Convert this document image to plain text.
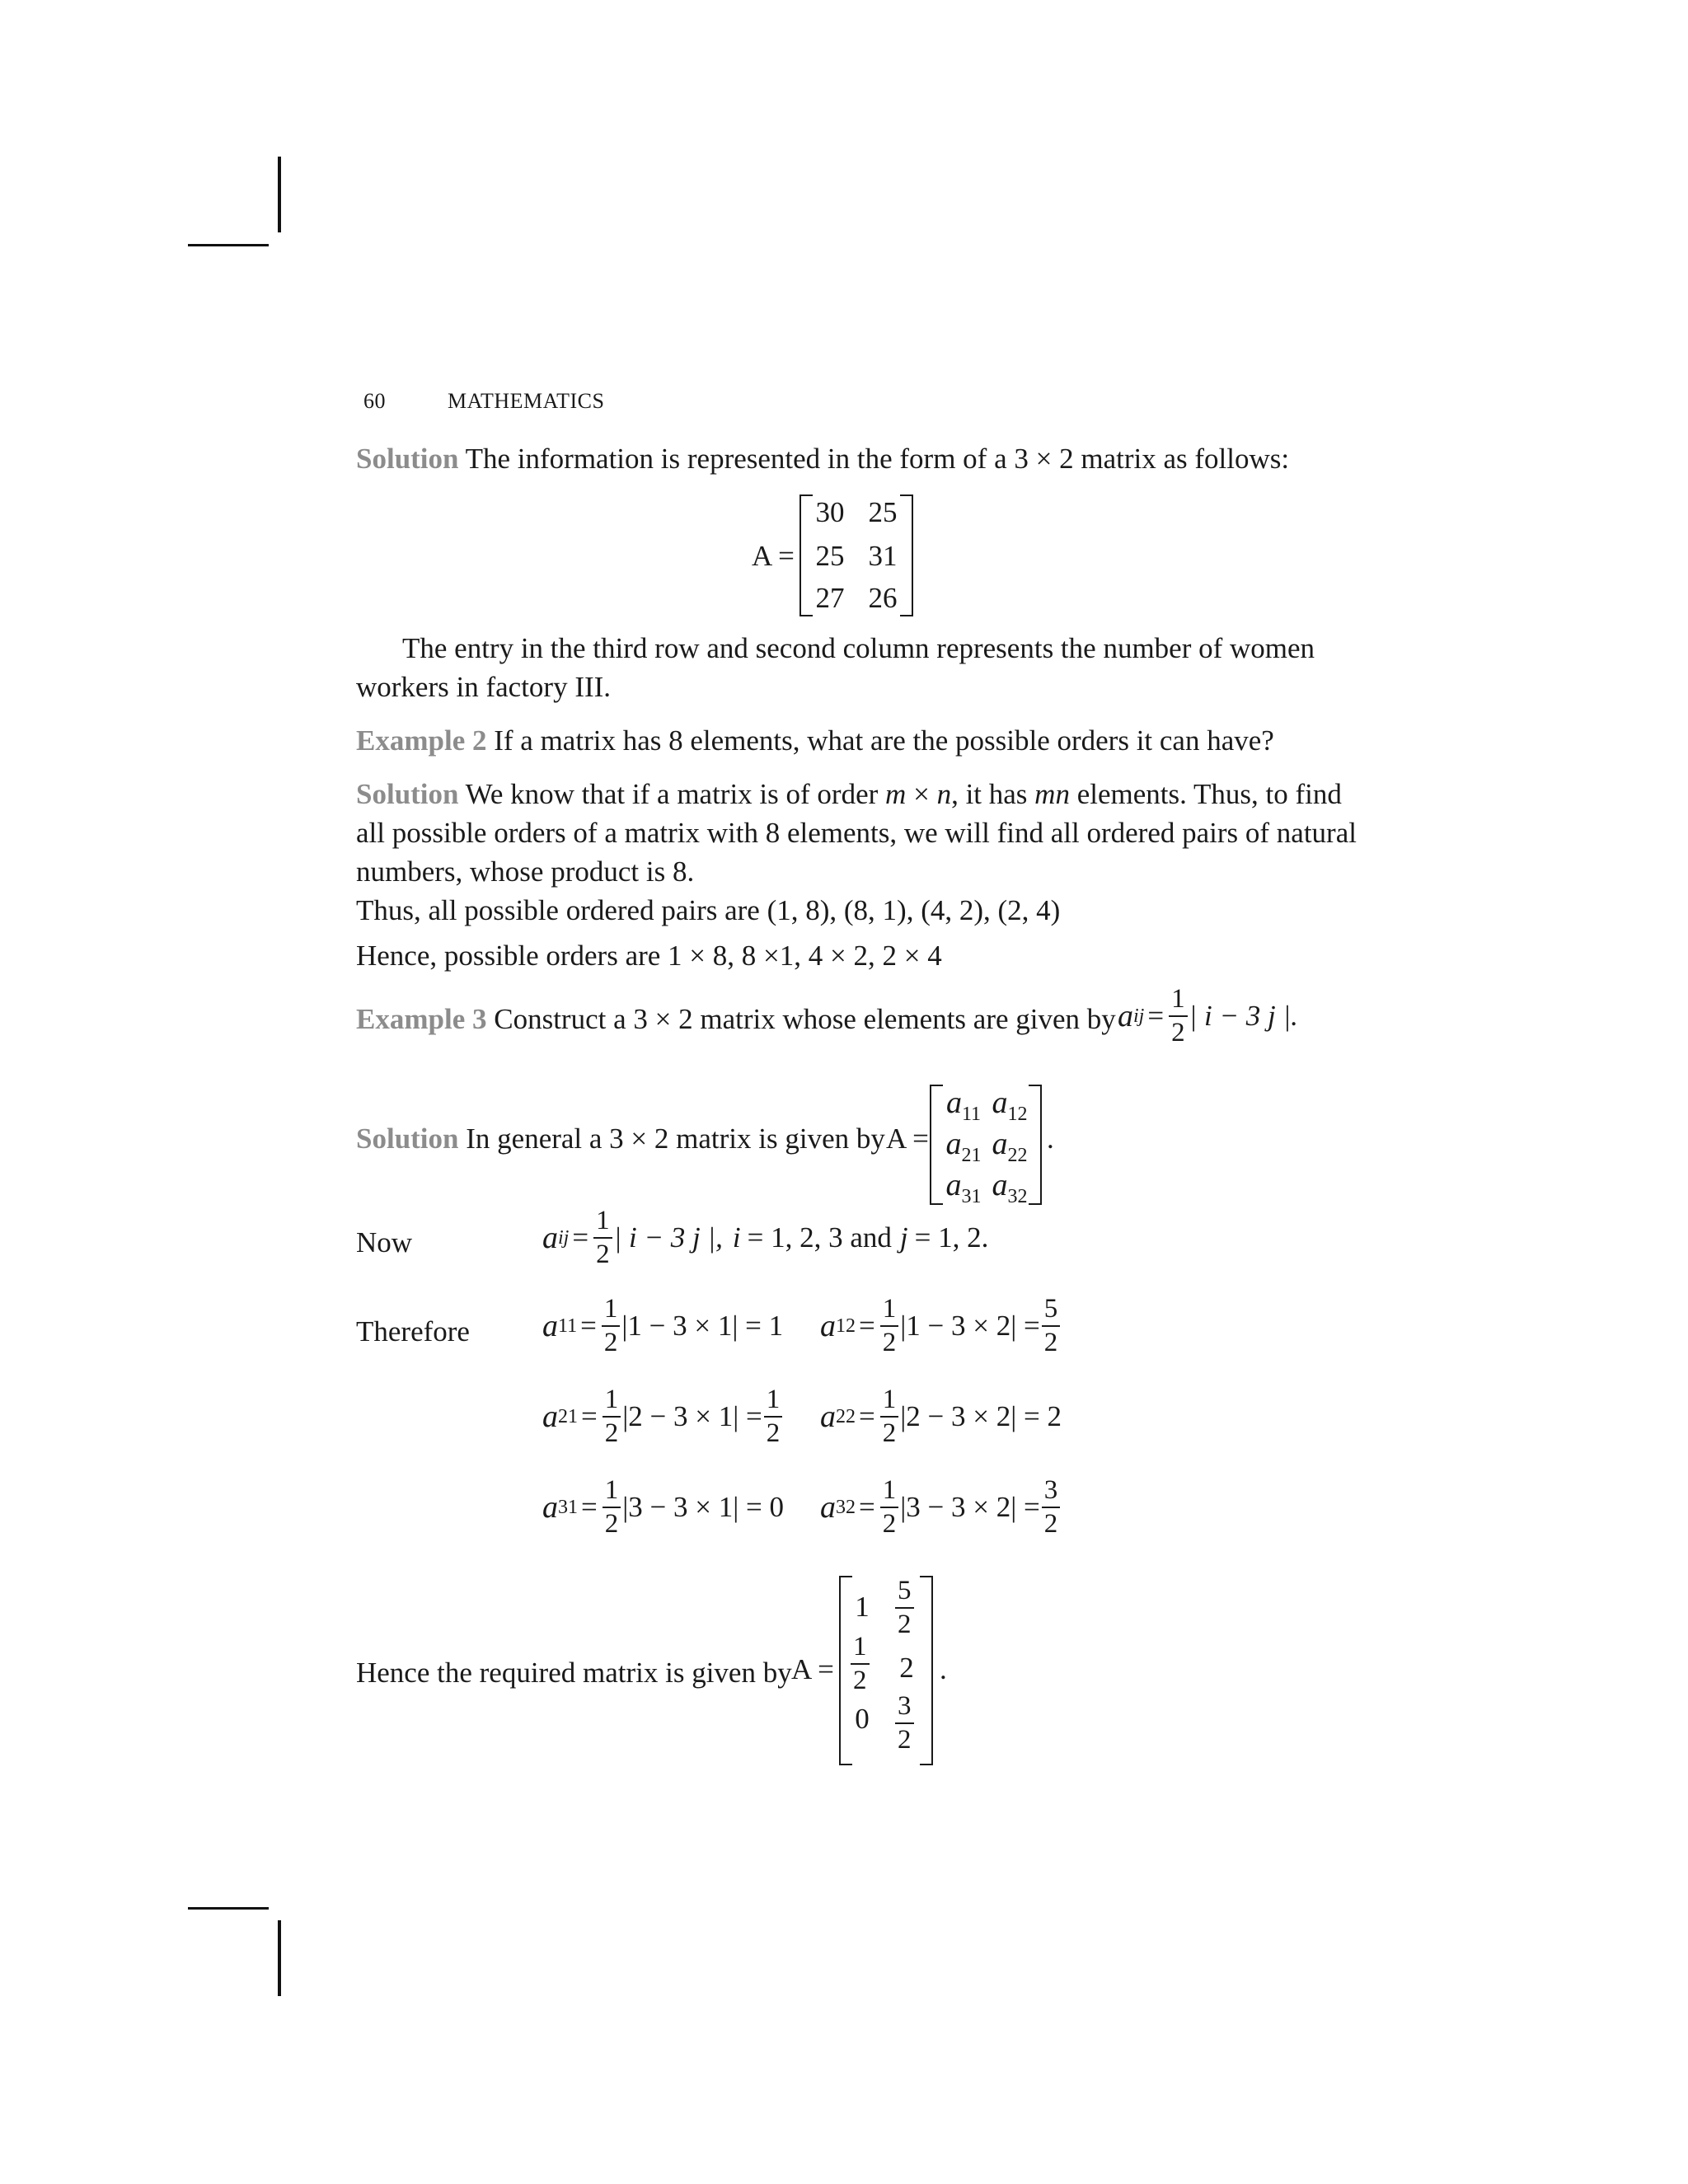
60	MATHEMATICS
Solution The information is represented in the form of a 3 × 2 matrix as follows:
A =
30 25
25 31
27 26
The entry in the third row and second column represents the number of women
workers in factory III.
Example 2 If a matrix has 8 elements, what are the possible orders it can have?
Solution We know that if a matrix is of order m × n, it has mn elements. Thus, to find
all possible orders of a matrix with 8 elements, we will find all ordered pairs of natural
numbers, whose product is 8.
Thus, all possible ordered pairs are (1, 8), (8, 1), (4, 2), (2, 4)
Hence, possible orders are 1 × 8, 8 ×1, 4 × 2, 2 × 4
Example 3 Construct a 3 × 2 matrix whose elements are given by a ij = $\frac{1}{2}$ | i − 3 j |.
Solution In general a 3 × 2 matrix is given by A =
$a_{11}$ $a_{12}$
$a_{21}$ $a_{22}$
$a_{31}$ $a_{32}$
.
Now	a ij = $\frac{1}{2}$ | i − 3 j |, i = 1, 2, 3 and j = 1, 2.
Therefore a $11 = \frac{1}{2} |1 - 3 \times 1| = 1$ a $12 = \frac{1}{2} |1 - 3 \times 2| = \frac{5}{2}$
a $21 = \frac{1}{2} |2 - 3 \times 1| = \frac{1}{2}$ a $22 = \frac{1}{2} |2 - 3 \times 2| = 2$
a $31 = \frac{1}{2} |3 - 3 \times 1| = 0$ a $32 = \frac{1}{2} |3 - 3 \times 2| = \frac{3}{2}$
Hence the required matrix is given by A =
$1 \frac{5}{2}$
$\frac{1}{2}$	2
$0 \frac{3}{2}$
.
